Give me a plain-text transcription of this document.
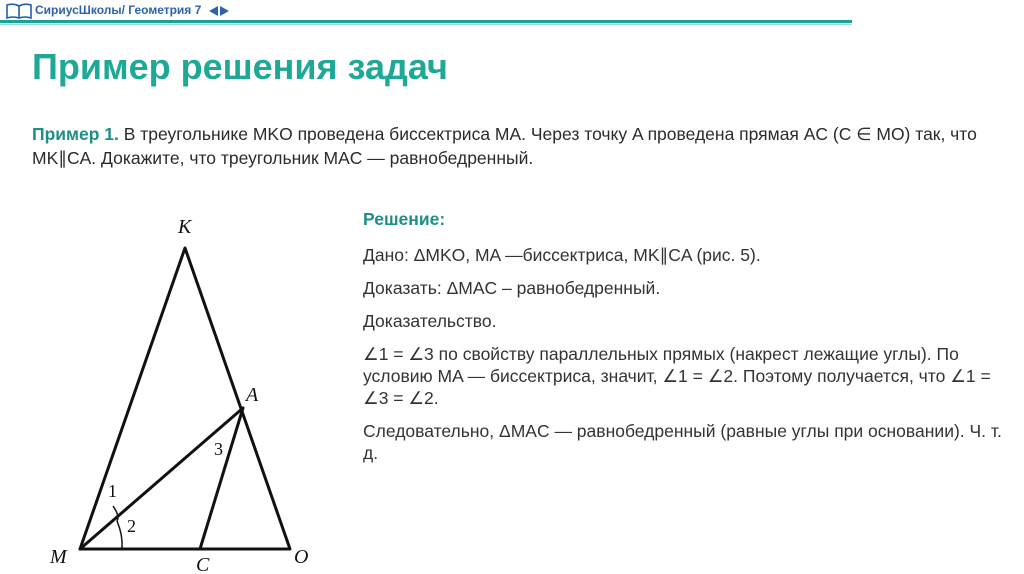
СириусШколы/ Геометрия 7
Пример решения задач
Пример 1. В треугольнике MKO проведена биссектриса MA. Через точку A проведена прямая AC (C ∈ MO) так, что MK∥CA. Докажите, что треугольник MAC — равнобедренный.
K
A
M	C	O
1
2
3
Решение:

Дано: ΔMKO, MA —биссектриса, MK∥CA (рис. 5).

Доказать: ΔMAC – равнобедренный.

Доказательство.

∠1 = ∠3 по свойству параллельных прямых (накрест лежащие углы). По условию MA — биссектриса, значит, ∠1 = ∠2. Поэтому получается, что ∠1 = ∠3 = ∠2.

Следовательно, ΔMAC — равнобедренный (равные углы при основании). Ч. т. д.
